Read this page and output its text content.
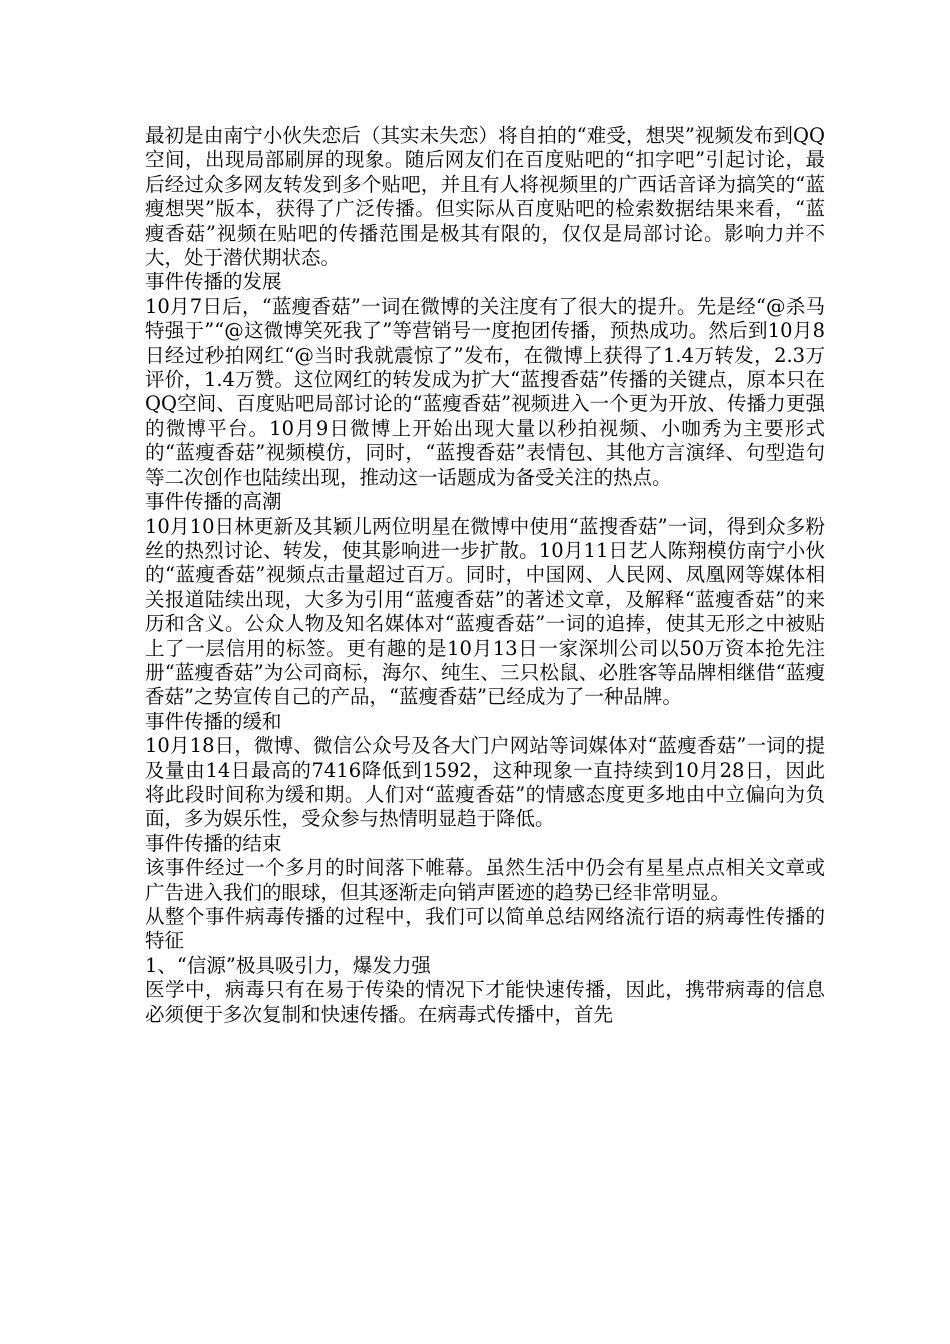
最初是由南宁小伙失恋后（其实未失恋）将自拍的“难受，想哭”视频发布到QQ空间，出现局部刷屏的现象。随后网友们在百度贴吧的“扣字吧”引起讨论，最后经过众多网友转发到多个贴吧，并且有人将视频里的广西话音译为搞笑的“蓝瘦想哭”版本，获得了广泛传播。但实际从百度贴吧的检索数据结果来看，“蓝瘦香菇”视频在贴吧的传播范围是极其有限的，仅仅是局部讨论。影响力并不大，处于潜伏期状态。

事件传播的发展

10月7日后，“蓝瘦香菇”一词在微博的关注度有了很大的提升。先是经“@杀马特强于”“@这微博笑死我了”等营销号一度抱团传播，预热成功。然后到10月8日经过秒拍网红“@当时我就震惊了”发布，在微博上获得了1.4万转发，2.3万评价，1.4万赞。这位网红的转发成为扩大“蓝搜香菇”传播的关键点，原本只在QQ空间、百度贴吧局部讨论的“蓝瘦香菇”视频进入一个更为开放、传播力更强的微博平台。10月9日微博上开始出现大量以秒拍视频、小咖秀为主要形式的“蓝瘦香菇”视频模仿，同时，“蓝搜香菇”表情包、其他方言演绎、句型造句等二次创作也陆续出现，推动这一话题成为备受关注的热点。

事件传播的高潮

10月10日林更新及其颖儿两位明星在微博中使用“蓝搜香菇”一词，得到众多粉丝的热烈讨论、转发，使其影响进一步扩散。10月11日艺人陈翔模仿南宁小伙的“蓝瘦香菇”视频点击量超过百万。同时，中国网、人民网、凤凰网等媒体相关报道陆续出现，大多为引用“蓝瘦香菇”的著述文章，及解释“蓝瘦香菇”的来历和含义。公众人物及知名媒体对“蓝瘦香菇”一词的追捧，使其无形之中被贴上了一层信用的标签。更有趣的是10月13日一家深圳公司以50万资本抢先注册“蓝瘦香菇”为公司商标，海尔、纯生、三只松鼠、必胜客等品牌相继借“蓝瘦香菇”之势宣传自己的产品，“蓝瘦香菇”已经成为了一种品牌。

事件传播的缓和

10月18日，微博、微信公众号及各大门户网站等词媒体对“蓝瘦香菇”一词的提及量由14日最高的7416降低到1592，这种现象一直持续到10月28日，因此将此段时间称为缓和期。人们对“蓝瘦香菇”的情感态度更多地由中立偏向为负面，多为娱乐性，受众参与热情明显趋于降低。

事件传播的结束

该事件经过一个多月的时间落下帷幕。虽然生活中仍会有星星点点相关文章或广告进入我们的眼球，但其逐渐走向销声匿迹的趋势已经非常明显。

从整个事件病毒传播的过程中，我们可以简单总结网络流行语的病毒性传播的特征

1、“信源”极具吸引力，爆发力强

医学中，病毒只有在易于传染的情况下才能快速传播，因此，携带病毒的信息必须便于多次复制和快速传播。在病毒式传播中，首先
